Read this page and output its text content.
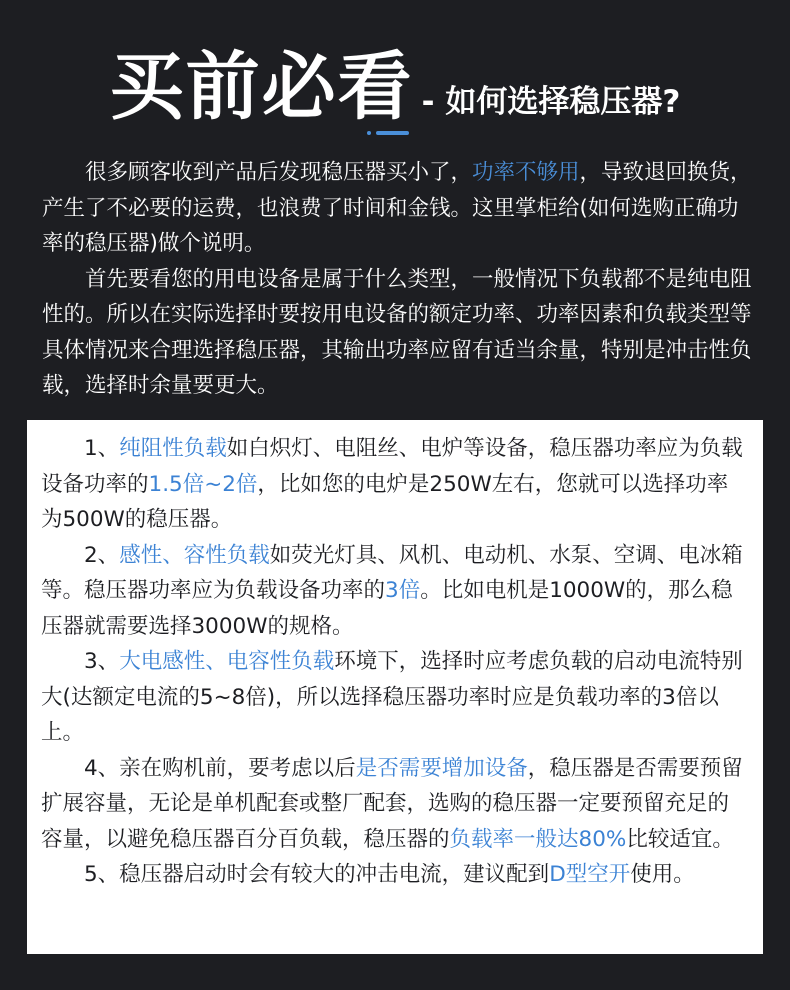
买前必看 - 如何选择稳压器?

很多顾客收到产品后发现稳压器买小了，功率不够用，导致退回换货，产生了不必要的运费，也浪费了时间和金钱。这里掌柜给(如何选购正确功率的稳压器)做个说明。

首先要看您的用电设备是属于什么类型，一般情况下负载都不是纯电阻性的。所以在实际选择时要按用电设备的额定功率、功率因素和负载类型等具体情况来合理选择稳压器，其输出功率应留有适当余量，特别是冲击性负载，选择时余量要更大。

1、纯阻性负载如白炽灯、电阻丝、电炉等设备，稳压器功率应为负载设备功率的1.5倍~2倍，比如您的电炉是250W左右，您就可以选择功率为500W的稳压器。

2、感性、容性负载如荧光灯具、风机、电动机、水泵、空调、电冰箱等。稳压器功率应为负载设备功率的3倍。比如电机是1000W的，那么稳压器就需要选择3000W的规格。

3、大电感性、电容性负载环境下，选择时应考虑负载的启动电流特别大(达额定电流的5~8倍)，所以选择稳压器功率时应是负载功率的3倍以上。

4、亲在购机前，要考虑以后是否需要增加设备，稳压器是否需要预留扩展容量，无论是单机配套或整厂配套，选购的稳压器一定要预留充足的容量，以避免稳压器百分百负载，稳压器的负载率一般达80%比较适宜。

5、稳压器启动时会有较大的冲击电流，建议配到D型空开使用。
